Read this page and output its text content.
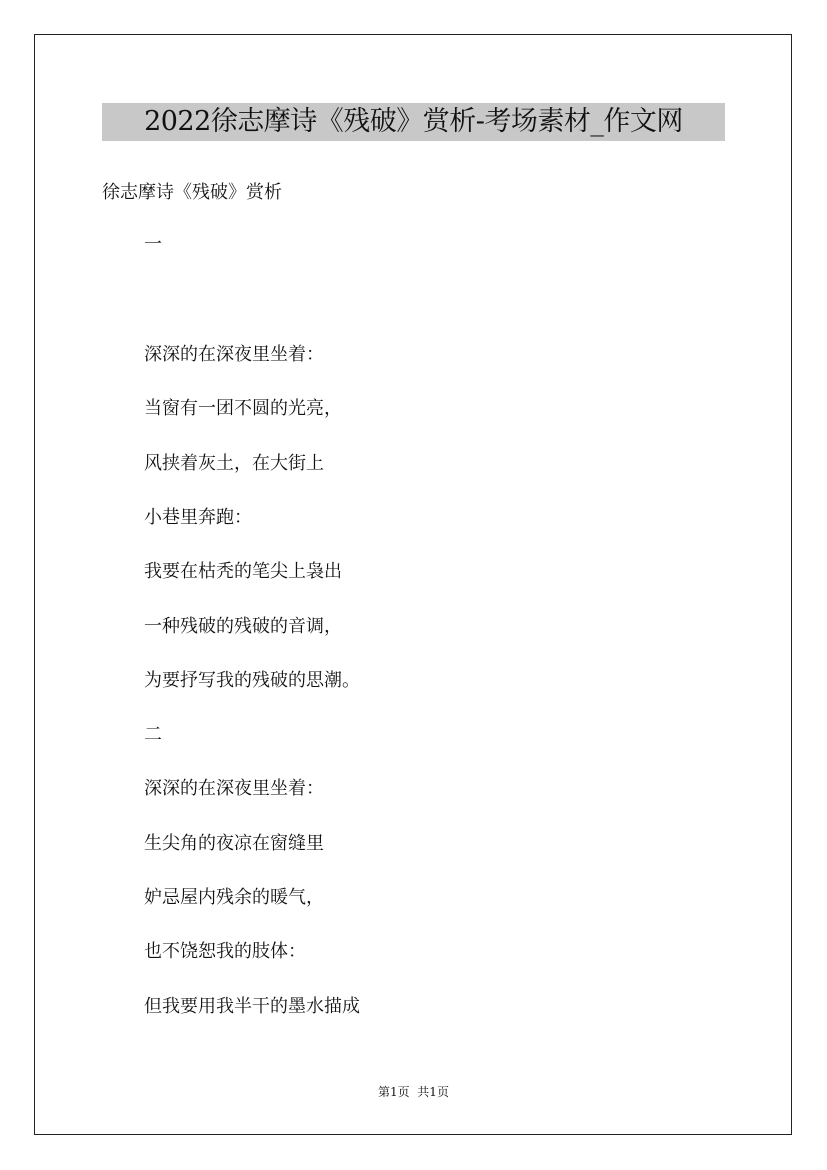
2022徐志摩诗《残破》赏析-考场素材_作文网
徐志摩诗《残破》赏析
一
深深的在深夜里坐着：
当窗有一团不圆的光亮，
风挟着灰土，在大街上
小巷里奔跑：
我要在枯秃的笔尖上袅出
一种残破的残破的音调，
为要抒写我的残破的思潮。
二
深深的在深夜里坐着：
生尖角的夜凉在窗缝里
妒忌屋内残余的暖气，
也不饶恕我的肢体：
但我要用我半干的墨水描成
第1页  共1页
